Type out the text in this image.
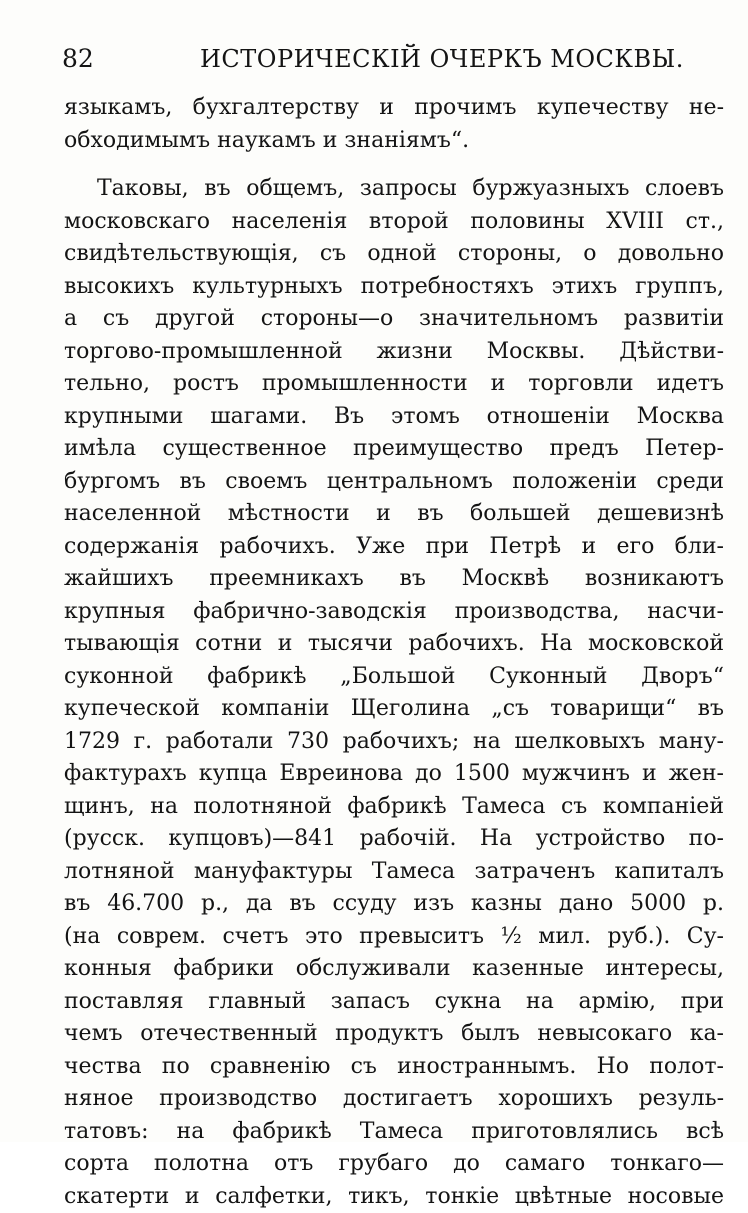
82	ИСТОРИЧЕСКІЙ ОЧЕРКЪ МОСКВЫ.
языкамъ, бухгалтерству и прочимъ купечеству не-
обходимымъ наукамъ и знаніямъ“.
Таковы, въ общемъ, запросы буржуазныхъ слоевъ
московскаго населенія второй половины XVIII ст.,
свидѣтельствующія, съ одной стороны, о довольно
высокихъ культурныхъ потребностяхъ этихъ группъ,
а съ другой стороны—о значительномъ развитіи
торгово-промышленной жизни Москвы. Дѣйстви-
тельно, ростъ промышленности и торговли идетъ
крупными шагами. Въ этомъ отношеніи Москва
имѣла существенное преимущество предъ Петер-
бургомъ въ своемъ центральномъ положеніи среди
населенной мѣстности и въ большей дешевизнѣ
содержанія рабочихъ. Уже при Петрѣ и его бли-
жайшихъ преемникахъ въ Москвѣ возникаютъ
крупныя фабрично-заводскія производства, насчи-
тывающія сотни и тысячи рабочихъ. На московской
суконной фабрикѣ „Большой Суконный Дворъ“
купеческой компаніи Щеголина „съ товарищи“ въ
1729 г. работали 730 рабочихъ; на шелковыхъ ману-
фактурахъ купца Евреинова до 1500 мужчинъ и жен-
щинъ, на полотняной фабрикѣ Тамеса съ компаніей
(русск. купцовъ)—841 рабочій. На устройство по-
лотняной мануфактуры Тамеса затраченъ капиталъ
въ 46.700 р., да въ ссуду изъ казны дано 5000 р.
(на соврем. счетъ это превыситъ ½ мил. руб.). Су-
конныя фабрики обслуживали казенные интересы,
поставляя главный запасъ сукна на армію, при
чемъ отечественный продуктъ былъ невысокаго ка-
чества по сравненію съ иностраннымъ. Но полот-
няное производство достигаетъ хорошихъ резуль-
татовъ: на фабрикѣ Тамеса приготовлялись всѣ
сорта полотна отъ грубаго до самаго тонкаго—
скатерти и салфетки, тикъ, тонкіе цвѣтные носовые
